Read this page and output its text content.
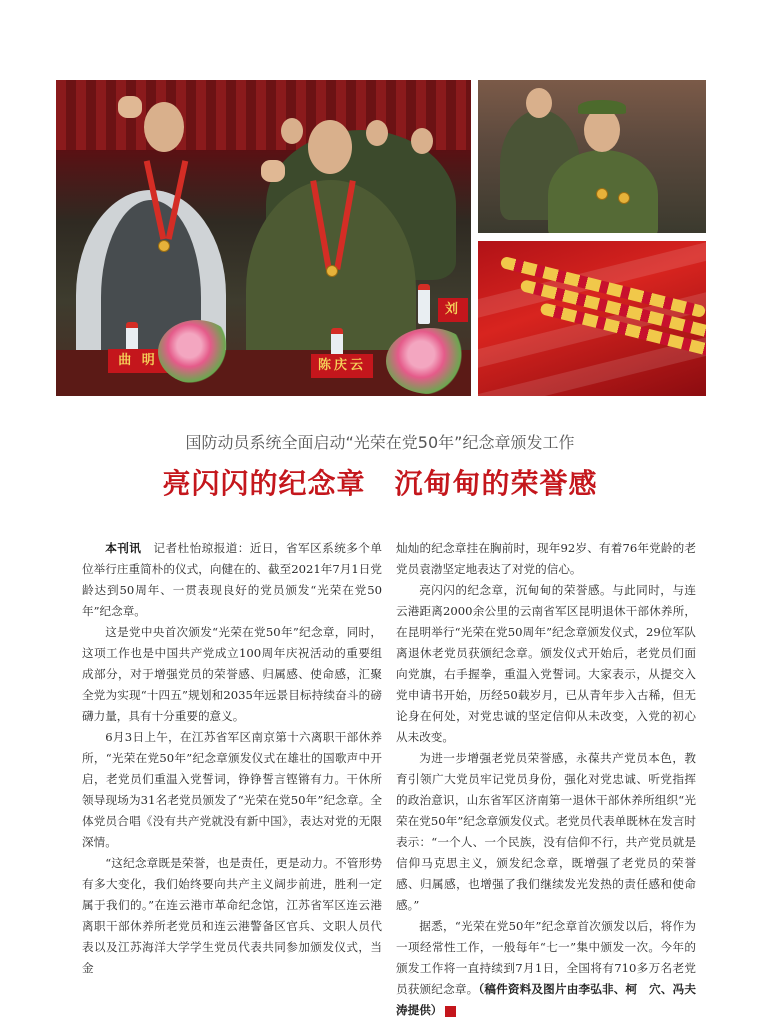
曲 明	陈庆云
刘
国防动员系统全面启动“光荣在党50年”纪念章颁发工作
亮闪闪的纪念章　沉甸甸的荣誉感

本刊讯　 记者杜怡琼报道：近日，省军区系统多个单位举行庄重简朴的仪式，向健在的、截至2021年7月1日党龄达到50周年、一贯表现良好的党员颁发“光荣在党50年”纪念章。

这是党中央首次颁发“光荣在党50年”纪念章，同时，这项工作也是中国共产党成立100周年庆祝活动的重要组成部分，对于增强党员的荣誉感、归属感、使命感，汇聚全党为实现“十四五”规划和2035年远景目标持续奋斗的磅礴力量，具有十分重要的意义。

6月3日上午，在江苏省军区南京第十六离职干部休养所，“光荣在党50年”纪念章颁发仪式在雄壮的国歌声中开启，老党员们重温入党誓词，铮铮誓言铿锵有力。干休所领导现场为31名老党员颁发了“光荣在党50年”纪念章。全体党员合唱《没有共产党就没有新中国》，表达对党的无限深情。

“这纪念章既是荣誉，也是责任，更是动力。不管形势有多大变化，我们始终要向共产主义阔步前进，胜利一定属于我们的。”在连云港市革命纪念馆，江苏省军区连云港离职干部休养所老党员和连云港警备区官兵、文职人员代表以及江苏海洋大学学生党员代表共同参加颁发仪式，当金

灿灿的纪念章挂在胸前时，现年92岁、有着76年党龄的老党员袁渤坚定地表达了对党的信心。

亮闪闪的纪念章，沉甸甸的荣誉感。与此同时，与连云港距离2000余公里的云南省军区昆明退休干部休养所，在昆明举行“光荣在党50周年”纪念章颁发仪式，29位军队离退休老党员获颁纪念章。颁发仪式开始后，老党员们面向党旗，右手握拳，重温入党誓词。大家表示，从提交入党申请书开始，历经50载岁月，已从青年步入古稀，但无论身在何处，对党忠诚的坚定信仰从未改变，入党的初心从未改变。

为进一步增强老党员荣誉感，永葆共产党员本色，教育引领广大党员牢记党员身份，强化对党忠诚、听党指挥的政治意识，山东省军区济南第一退休干部休养所组织“光荣在党50年”纪念章颁发仪式。老党员代表单既林在发言时表示：“一个人、一个民族，没有信仰不行，共产党员就是信仰马克思主义，颁发纪念章，既增强了老党员的荣誉感、归属感，也增强了我们继续发光发热的责任感和使命感。”

据悉，“光荣在党50年”纪念章首次颁发以后，将作为一项经常性工作，一般每年“七一”集中颁发一次。今年的颁发工作将一直持续到7月1日，全国将有710多万名老党员获颁纪念章。（稿件资料及图片由李弘非、柯　穴、冯夫涛提供）	G
